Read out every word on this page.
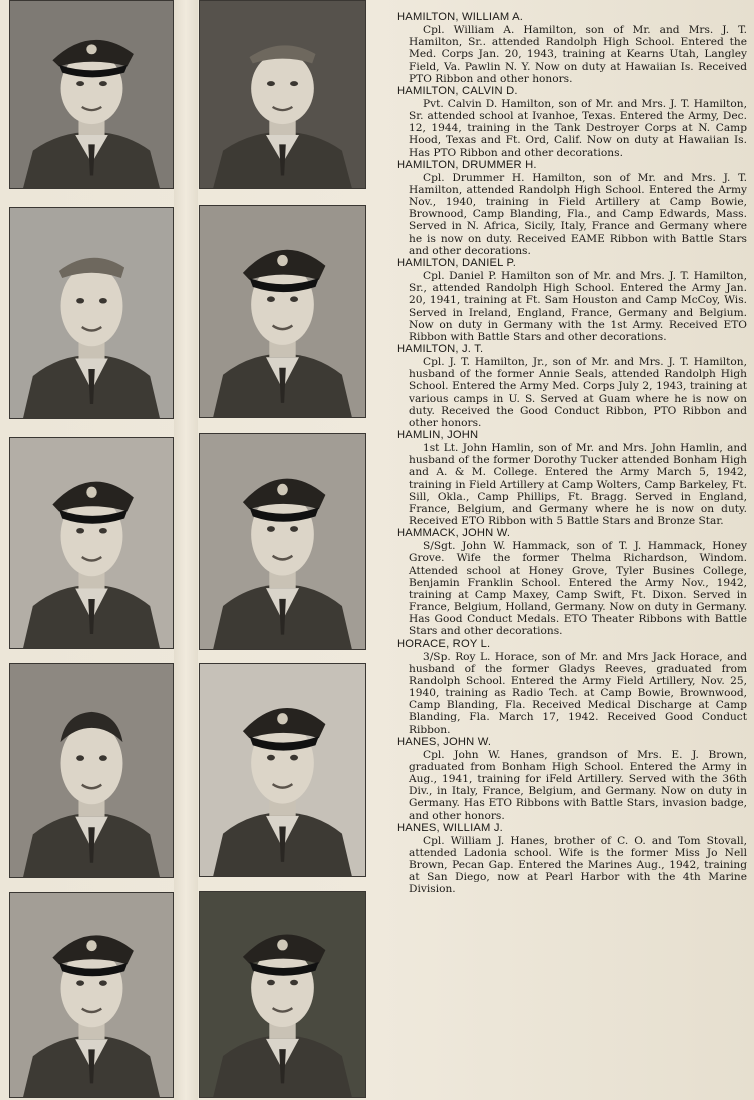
HAMILTON, WILLIAM A.

Cpl. William A. Hamilton, son of Mr. and Mrs. J. T. Hamilton, Sr.. attended Randolph High School. Entered the Med. Corps Jan. 20, 1943, training at Kearns Utah, Langley Field, Va. Pawlin N. Y. Now on duty at Hawaiian Is. Received PTO Ribbon and other honors.

HAMILTON, CALVIN D.

Pvt. Calvin D. Hamilton, son of Mr. and Mrs. J. T. Hamilton, Sr. attended school at Ivanhoe, Texas. Entered the Army, Dec. 12, 1944, training in the Tank Destroyer Corps at N. Camp Hood, Texas and Ft. Ord, Calif. Now on duty at Hawaiian Is. Has PTO Ribbon and other decorations.

HAMILTON, DRUMMER H.

Cpl. Drummer H. Hamilton, son of Mr. and Mrs. J. T. Hamilton, attended Randolph High School. Entered the Army Nov., 1940, training in Field Artillery at Camp Bowie, Brownood, Camp Blanding, Fla., and Camp Edwards, Mass. Served in N. Africa, Sicily, Italy, France and Germany where he is now on duty. Received EAME Ribbon with Battle Stars and other decorations.

HAMILTON, DANIEL P.

Cpl. Daniel P. Hamilton son of Mr. and Mrs. J. T. Hamilton, Sr., attended Randolph High School. Entered the Army Jan. 20, 1941, training at Ft. Sam Houston and Camp McCoy, Wis. Served in Ireland, England, France, Germany and Belgium. Now on duty in Germany with the 1st Army. Received ETO Ribbon with Battle Stars and other decorations.

HAMILTON, J. T.

Cpl. J. T. Hamilton, Jr., son of Mr. and Mrs. J. T. Hamilton, husband of the former Annie Seals, attended Randolph High School. Entered the Army Med. Corps July 2, 1943, training at various camps in U. S. Served at Guam where he is now on duty. Received the Good Conduct Ribbon, PTO Ribbon and other honors.

HAMLIN, JOHN

1st Lt. John Hamlin, son of Mr. and Mrs. John Hamlin, and husband of the former Dorothy Tucker attended Bonham High and A. & M. College. Entered the Army March 5, 1942, training in Field Artillery at Camp Wolters, Camp Barkeley, Ft. Sill, Okla., Camp Phillips, Ft. Bragg. Served in England, France, Belgium, and Germany where he is now on duty. Received ETO Ribbon with 5 Battle Stars and Bronze Star.

HAMMACK, JOHN W.

S/Sgt. John W. Hammack, son of T. J. Hammack, Honey Grove. Wife the former Thelma Richardson, Windom. Attended school at Honey Grove, Tyler Busines College, Benjamin Franklin School. Entered the Army Nov., 1942, training at Camp Maxey, Camp Swift, Ft. Dixon. Served in France, Belgium, Holland, Germany. Now on duty in Germany. Has Good Conduct Medals. ETO Theater Ribbons with Battle Stars and other decorations.

HORACE, ROY L.

3/Sp. Roy L. Horace, son of Mr. and Mrs Jack Horace, and husband of the former Gladys Reeves, graduated from Randolph School. Entered the Army Field Artillery, Nov. 25, 1940, training as Radio Tech. at Camp Bowie, Brownwood, Camp Blanding, Fla. Received Medical Discharge at Camp Blanding, Fla. March 17, 1942. Received Good Conduct Ribbon.

HANES, JOHN W.

Cpl. John W. Hanes, grandson of Mrs. E. J. Brown, graduated from Bonham High School. Entered the Army in Aug., 1941, training for iFeld Artillery. Served with the 36th Div., in Italy, France, Belgium, and Germany. Now on duty in Germany. Has ETO Ribbons with Battle Stars, invasion badge, and other honors.

HANES, WILLIAM J.

Cpl. William J. Hanes, brother of C. O. and Tom Stovall, attended Ladonia school. Wife is the former Miss Jo Nell Brown, Pecan Gap. Entered the Marines Aug., 1942, training at San Diego, now at Pearl Harbor with the 4th Marine Division.
